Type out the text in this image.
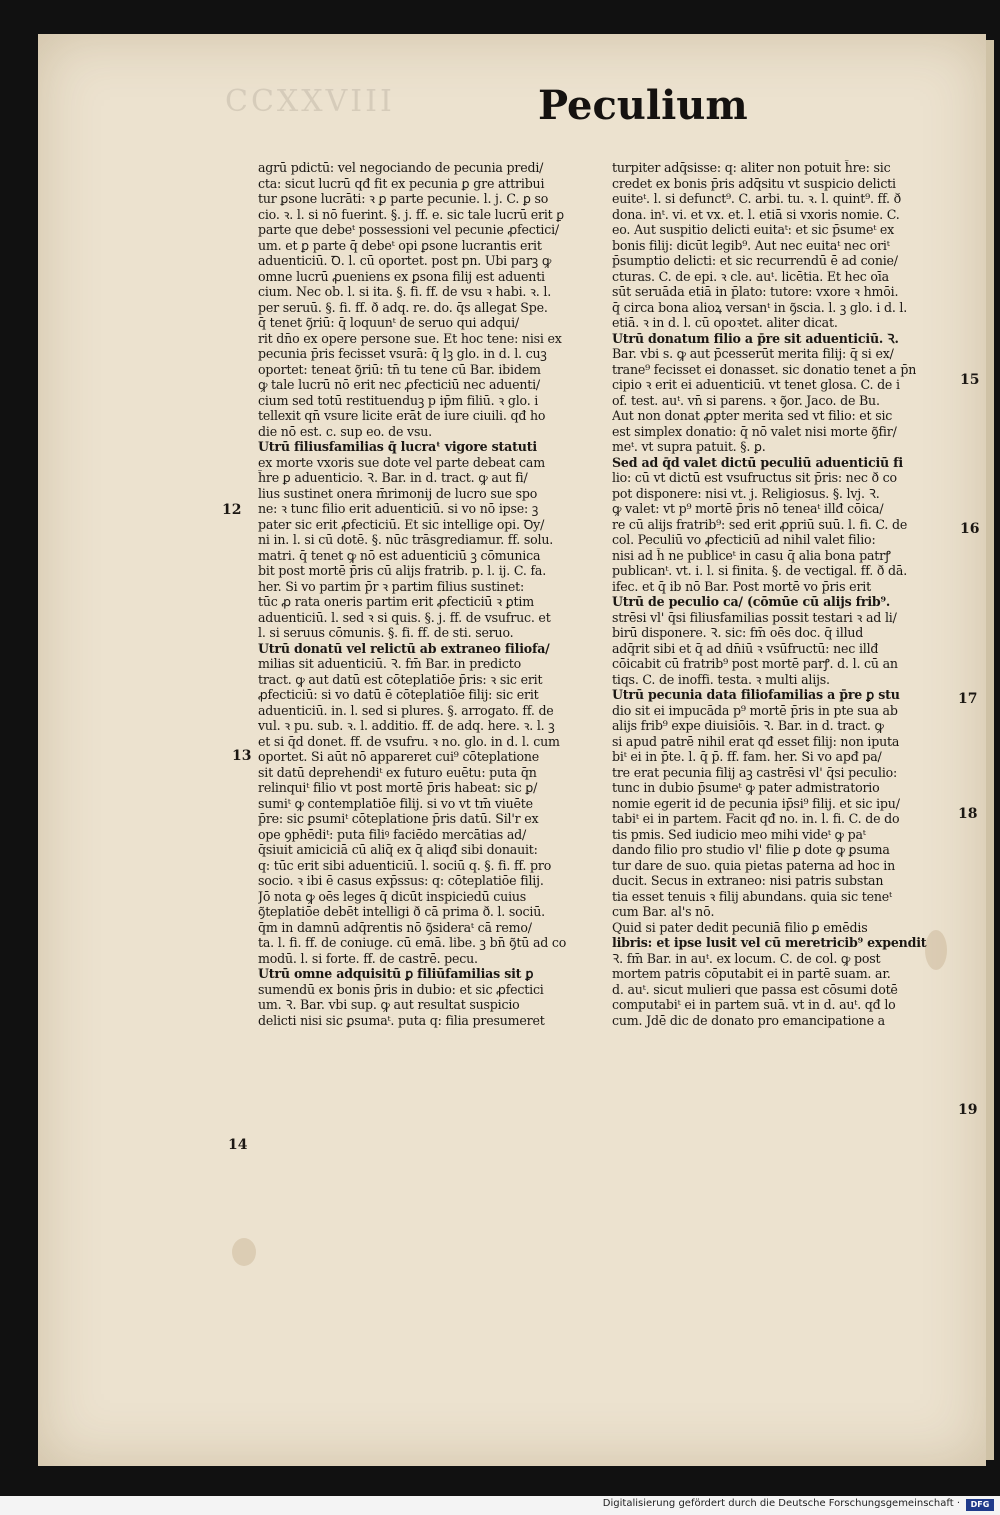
CCXXVIII	Peculium
agrū pdictū: vel negociando de pecunia predi/
cta: sicut lucrū qđ fit ex pecunia ꝑ gre attribui
tur ꝑsone lucrāti: ꝛ ꝑ parte pecunie. l. j. C. ꝑ so
cio. ꝛ. l. si nō fuerint. §. j. ff. e. sic tale lucrū erit ꝑ
parte que debeᵗ possessioni vel pecunie ꝓfectici/
um. et ꝑ parte q̄ debeᵗ opi ꝑsone lucrantis erit
aduenticiū. Ꝺ. l. cū oportet. post pn. Ubi parꝫ ꝙ
omne lucrū ꝓueniens ex ꝑsona filij est aduenti
cium. Nec ob. l. si ita. §. fi. ff. de vsu ꝛ habi. ꝛ. l.
per seruū. §. fi. ff. ð adq. re. do. q̄s allegat Spe.
q̄ tenet ꝯ͂riū: q̄ loquunᵗ de seruo qui adqui/
rit dn̄o ex opere persone sue. Et hoc tene: nisi ex
pecunia p̄ris fecisset vsurā: q̄ lꝫ glo. in d. l. cuꝫ
oportet: teneat ꝯ͂riū: tn̄ tu tene cū Bar. ibidem
ꝙ tale lucrū nō erit nec ꝓfecticiū nec aduenti/
cium sed totū restituenduꝫ p ip̄m filiū. ꝛ glo. i
tellexit qn̄ vsure licite erāt de iure ciuili. qđ ho
die nō est. c. sup eo. de vsu.
Utrū filiusfamilias q̄ lucraᵗ vigore statuti
ex morte vxoris sue dote vel parte debeat cam
h̄re ꝑ aduenticio. Ꝛ. Bar. in d. tract. ꝙ aut fi/
lius sustinet onera m̄rimonij de lucro sue spo
ne: ꝛ tunc filio erit aduenticiū. si vo nō ipse: ꝫ
pater sic erit ꝓfecticiū. Et sic intellige opi. Ꝺy/
ni in. l. si cū dotē. §. nūc trāsgrediamur. ff. solu.
matri. q̄ tenet ꝙ nō est aduenticiū ꝫ cōmunica
bit post mortē p̄ris cū alijs fratrib. p. l. ij. C. fa.
her. Si vo partim p̄r ꝛ partim filius sustinet:
tūc ꝓ rata oneris partim erit ꝓfecticiū ꝛ ꝑtim
aduenticiū. l. sed ꝛ si quis. §. j. ff. de vsufruc. et
l. si seruus cōmunis. §. fi. ff. de sti. seruo.
Utrū donatū vel relictū ab extraneo filiofa/
milias sit aduenticiū. Ꝛ. fm̄ Bar. in predicto
tract. ꝙ aut datū est cōteplatiōe p̄ris: ꝛ sic erit
ꝓfecticiū: si vo datū ē cōteplatiōe filij: sic erit
aduenticiū. in. l. sed si plures. §. arrogato. ff. de
vul. ꝛ pu. sub. ꝛ. l. additio. ff. de adq. here. ꝛ. l. ꝫ
et si q̄d donet. ff. de vsufru. ꝛ no. glo. in d. l. cum
oportet. Si aūt nō appareret cui⁹ cōteplatione
sit datū deprehendiᵗ ex futuro euētu: puta q̄n
relinquiᵗ filio vt post mortē p̄ris habeat: sic ꝑ/
sumiᵗ ꝙ contemplatiōe filij. si vo vt tm̄ viuēte
p̄re: sic ꝑsumiᵗ cōteplatione p̄ris datū. Sil'r ex
ope ꝯphēdiᵗ: puta filiꝰ faciēdo mercātias ad/
q̄siuit amiciciā cū aliq̄ ex q̄ aliqđ sibi donauit:
q: tūc erit sibi aduenticiū. l. sociū q. §. fi. ff. pro
socio. ꝛ ibi ē casus exp̄ssus: q: cōteplatiōe filij.
Jō nota ꝙ oēs leges q̄ dicūt inspiciedū cuius
ꝯ͂teplatiōe debēt intelligi ð cā prima ð. l. sociū.
q̄m in damnū adq̄rentis nō ꝯ͂sideraᵗ cā remo/
ta. l. fi. ff. de coniuge. cū emā. libe. ꝫ bn̄ ꝯ͂tū ad co
modū. l. si forte. ff. de castrē. pecu.
Utrū omne adquisitū ꝑ filiūfamilias sit ꝑ
sumendū ex bonis p̄ris in dubio: et sic ꝓfectici
um. Ꝛ. Bar. vbi sup. ꝙ aut resultat suspicio
delicti nisi sic ꝑsumaᵗ. puta q: filia presumeret
turpiter adq̄sisse: q: aliter non potuit h̄re: sic
credet ex bonis p̄ris adq̄situ vt suspicio delicti
euiteᵗ. l. si defunct⁹. C. arbi. tu. ꝛ. l. quint⁹. ff. ð
dona. inᵗ. vi. et vx. et. l. etiā si vxoris nomie. C.
eo. Aut suspitio delicti euitaᵗ: et sic p̄sumeᵗ ex
bonis filij: dicūt legib⁹. Aut nec euitaᵗ nec oriᵗ
p̄sumptio delicti: et sic recurrendū ē ad conie/
cturas. C. de epi. ꝛ cle. auᵗ. licētia. Et hec oīa
sūt seruāda etiā in p̄lato: tutore: vxore ꝛ hmōi.
q̄ circa bona alioꝝ versanᵗ in ꝯ͂scia. l. ꝫ glo. i d. l.
etiā. ꝛ in d. l. cū opoꝛtet. aliter dicat.
Utrū donatum filio a p̄re sit aduenticiū. Ꝛ.
Bar. vbi s. ꝙ aut p̄cesserūt merita filij: q̄ si ex/
trane⁹ fecisset ei donasset. sic donatio tenet a p̄n
cipio ꝛ erit ei aduenticiū. vt tenet glosa. C. de i
of. test. auᵗ. vn̄ si parens. ꝛ ꝯ͂or. Jaco. de Bu.
Aut non donat ꝓpter merita sed vt filio: et sic
est simplex donatio: q̄ nō valet nisi morte ꝯ͂fir/
meᵗ. vt supra patuit. §. ꝑ.
Sed ad q̄d valet dictū peculiū aduenticiū fi
lio: cū vt dictū est vsufructus sit p̄ris: nec ð co
pot disponere: nisi vt. j. Religiosus. §. lvj. Ꝛ.
ꝙ valet: vt p⁹ mortē p̄ris nō teneaᵗ illđ cōica/
re cū alijs fratrib⁹: sed erit ꝓpriū suū. l. fi. C. de
col. Peculiū vo ꝓfecticiū ad nihil valet filio:
nisi ad h̄ ne publiceᵗ in casu q̄ alia bona patrꝭ
publicanᵗ. vt. i. l. si finita. §. de vectigal. ff. ð dā.
ifec. et q̄ ib nō Bar. Post mortē vo p̄ris erit
Utrū de peculio ca/ (cōmūe cū alijs frib⁹.
strēsi vl' q̄si filiusfamilias possit testari ꝛ ad li/
birū disponere. Ꝛ. sic: fm̄ oēs doc. q̄ illud
adq̄rit sibi et q̄ ad dn̄iū ꝛ vsūfructū: nec illđ
cōicabit cū fratrib⁹ post mortē parꝭ. d. l. cū an
tiqs. C. de inoffi. testa. ꝛ multi alijs.
Utrū pecunia data filiofamilias a p̄re ꝑ stu
dio sit ei impucāda p⁹ mortē p̄ris in pte sua ab
alijs frib⁹ expe diuisiōis. Ꝛ. Bar. in d. tract. ꝙ
si apud patrē nihil erat qđ esset filij: non iputa
biᵗ ei in p̄te. l. q̄ p̄. ff. fam. her. Si vo apđ pa/
tre erat pecunia filij aꝫ castrēsi vl' q̄si peculio:
tunc in dubio p̄sumeᵗ ꝙ pater admistratorio
nomie egerit id de pecunia ip̄si⁹ filij. et sic ipu/
tabiᵗ ei in partem. Facit qđ no. in. l. fi. C. de do
tis pmis. Sed iudicio meo mihi videᵗ ꝙ paᵗ
dando filio pro studio vl' filie ꝑ dote ꝙ ꝑsuma
tur dare de suo. quia pietas paterna ad hoc in
ducit. Secus in extraneo: nisi patris substan
tia esset tenuis ꝛ filij abundans. quia sic teneᵗ
cum Bar. al's nō.
Quid si pater dedit pecuniā filio ꝑ emēdis
libris: et ipse lusit vel cū meretricib⁹ expendit
Ꝛ. fm̄ Bar. in auᵗ. ex locum. C. de col. ꝙ post
mortem patris cōputabit ei in partē suam. ar.
d. auᵗ. sicut mulieri que passa est cōsumi dotē
computabiᵗ ei in partem suā. vt in d. auᵗ. qđ lo
cum. Jdē dic de donato pro emancipatione a
12
13
14
15
16
17
18
19
Digitalisierung gefördert durch die Deutsche Forschungsgemeinschaft ·	DFG
